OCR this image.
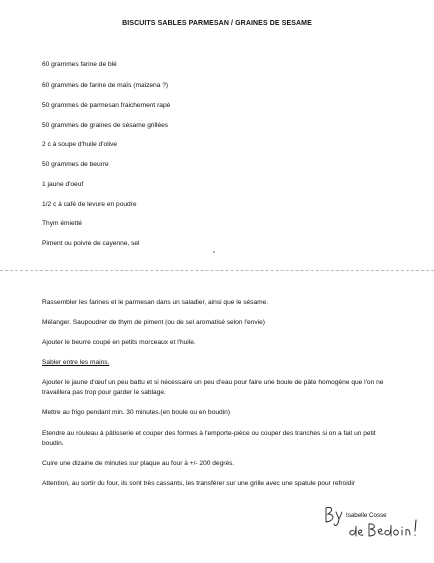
BISCUITS SABLES PARMESAN / GRAINES DE SESAME
60 grammes farine de blé
60 grammes de farine de maïs (maizena ?)
50 grammes de parmesan fraichement rapé
50 grammes de graines de sésame grillées
2 c à soupe d'huile d'olive
50 grammes de beurre
1 jaune d'oeuf
1/2 c à café de levure en poudre
Thym émietté
Piment ou poivre de cayenne, sel
Rassembler les farines et le parmesan dans un saladier, ainsi que le sésame.
Mélanger. Saupoudrer de thym de piment (ou de sel aromatisé selon l'envie)
Ajouter le beurre coupé en petits morceaux et l'huile.
Sabler entre les mains.
Ajouter le jaune d'œuf un peu battu et si nécessaire un peu d'eau pour faire une boule de pâte homogène que l'on ne travaillera pas trop pour garder le sablage.
Mettre au frigo pendant min. 30 minutes.(en boule ou en boudin)
Etendre au rouleau à pâtisserie et couper des formes à l'emporte-pièce ou couper des tranches si on a fait un petit boudin.
Cuire une dizaine de minutes sur plaque au four à +/- 200 degrés.
Attention, au sortir du four, ils sont très cassants, les transférer sur une grille avec une spatule pour refroidir
Isabelle Cosse
